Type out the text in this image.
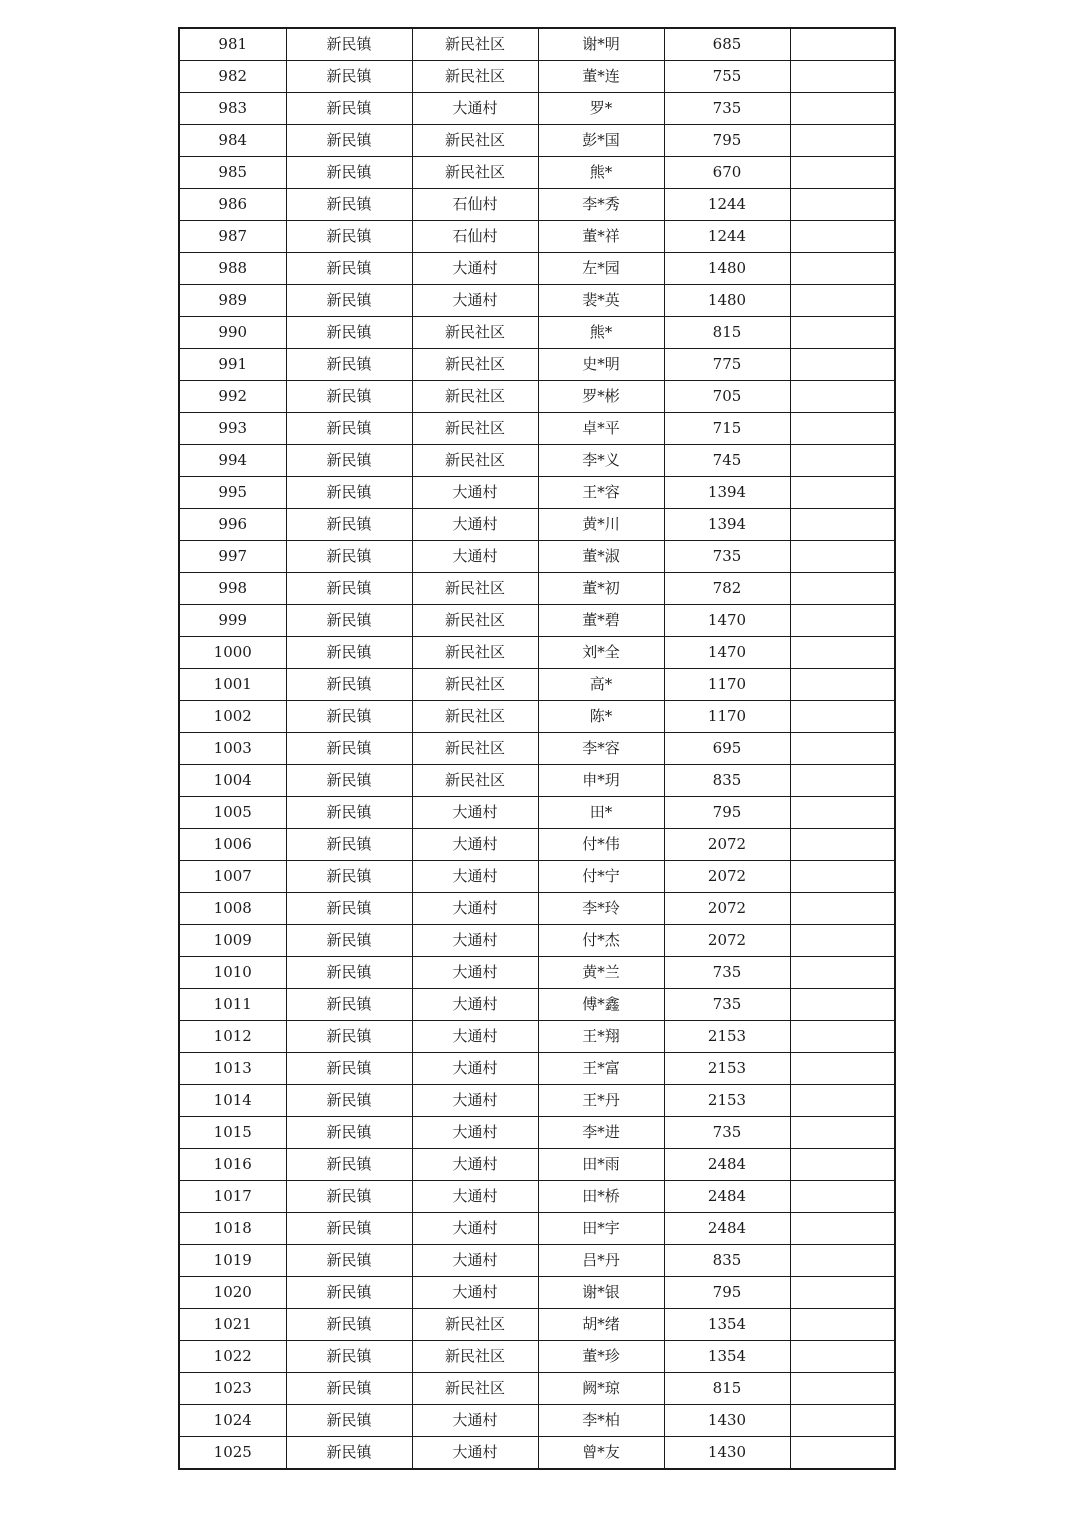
981	新民镇	新民社区	谢*明	685	
982	新民镇	新民社区	董*连	755	
983	新民镇	大通村	罗*	735	
984	新民镇	新民社区	彭*国	795	
985	新民镇	新民社区	熊*	670	
986	新民镇	石仙村	李*秀	1244	
987	新民镇	石仙村	董*祥	1244	
988	新民镇	大通村	左*园	1480	
989	新民镇	大通村	裴*英	1480	
990	新民镇	新民社区	熊*	815	
991	新民镇	新民社区	史*明	775	
992	新民镇	新民社区	罗*彬	705	
993	新民镇	新民社区	卓*平	715	
994	新民镇	新民社区	李*义	745	
995	新民镇	大通村	王*容	1394	
996	新民镇	大通村	黄*川	1394	
997	新民镇	大通村	董*淑	735	
998	新民镇	新民社区	董*初	782	
999	新民镇	新民社区	董*碧	1470	
1000	新民镇	新民社区	刘*全	1470	
1001	新民镇	新民社区	高*	1170	
1002	新民镇	新民社区	陈*	1170	
1003	新民镇	新民社区	李*容	695	
1004	新民镇	新民社区	申*玥	835	
1005	新民镇	大通村	田*	795	
1006	新民镇	大通村	付*伟	2072	
1007	新民镇	大通村	付*宁	2072	
1008	新民镇	大通村	李*玲	2072	
1009	新民镇	大通村	付*杰	2072	
1010	新民镇	大通村	黄*兰	735	
1011	新民镇	大通村	傅*鑫	735	
1012	新民镇	大通村	王*翔	2153	
1013	新民镇	大通村	王*富	2153	
1014	新民镇	大通村	王*丹	2153	
1015	新民镇	大通村	李*进	735	
1016	新民镇	大通村	田*雨	2484	
1017	新民镇	大通村	田*桥	2484	
1018	新民镇	大通村	田*宇	2484	
1019	新民镇	大通村	吕*丹	835	
1020	新民镇	大通村	谢*银	795	
1021	新民镇	新民社区	胡*绪	1354	
1022	新民镇	新民社区	董*珍	1354	
1023	新民镇	新民社区	阙*琼	815	
1024	新民镇	大通村	李*柏	1430	
1025	新民镇	大通村	曾*友	1430	
